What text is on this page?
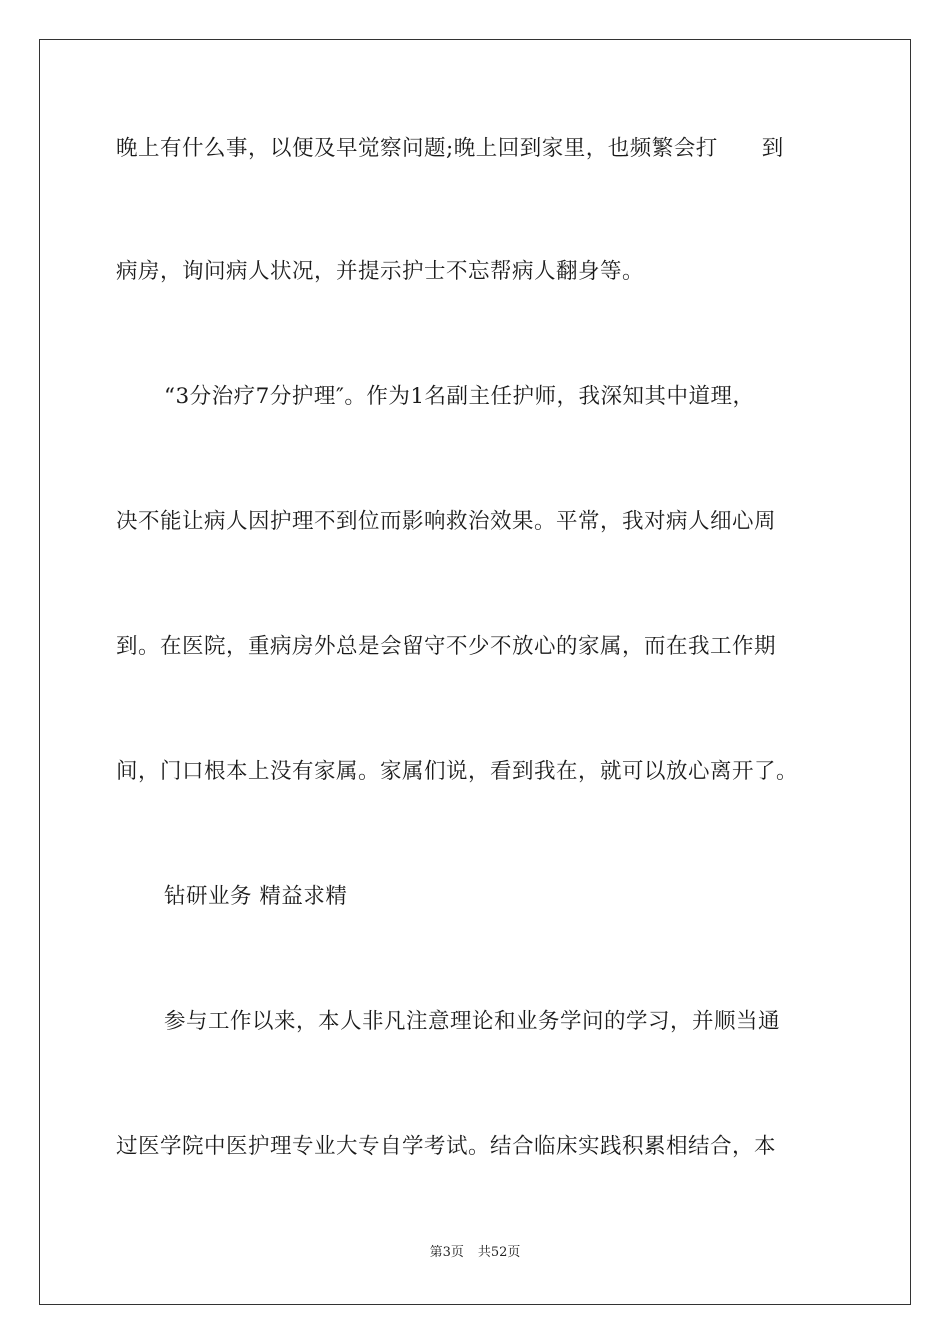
晚上有什么事，以便及早觉察问题;晚上回到家里，也频繁会打　　到
病房，询问病人状况，并提示护士不忘帮病人翻身等。
“3分治疗7分护理″。作为1名副主任护师，我深知其中道理，
决不能让病人因护理不到位而影响救治效果。平常，我对病人细心周
到。在医院，重病房外总是会留守不少不放心的家属，而在我工作期
间，门口根本上没有家属。家属们说，看到我在，就可以放心离开了。
钻研业务 精益求精
参与工作以来，本人非凡注意理论和业务学问的学习，并顺当通
过医学院中医护理专业大专自学考试。结合临床实践积累相结合，本
第3页 共52页
